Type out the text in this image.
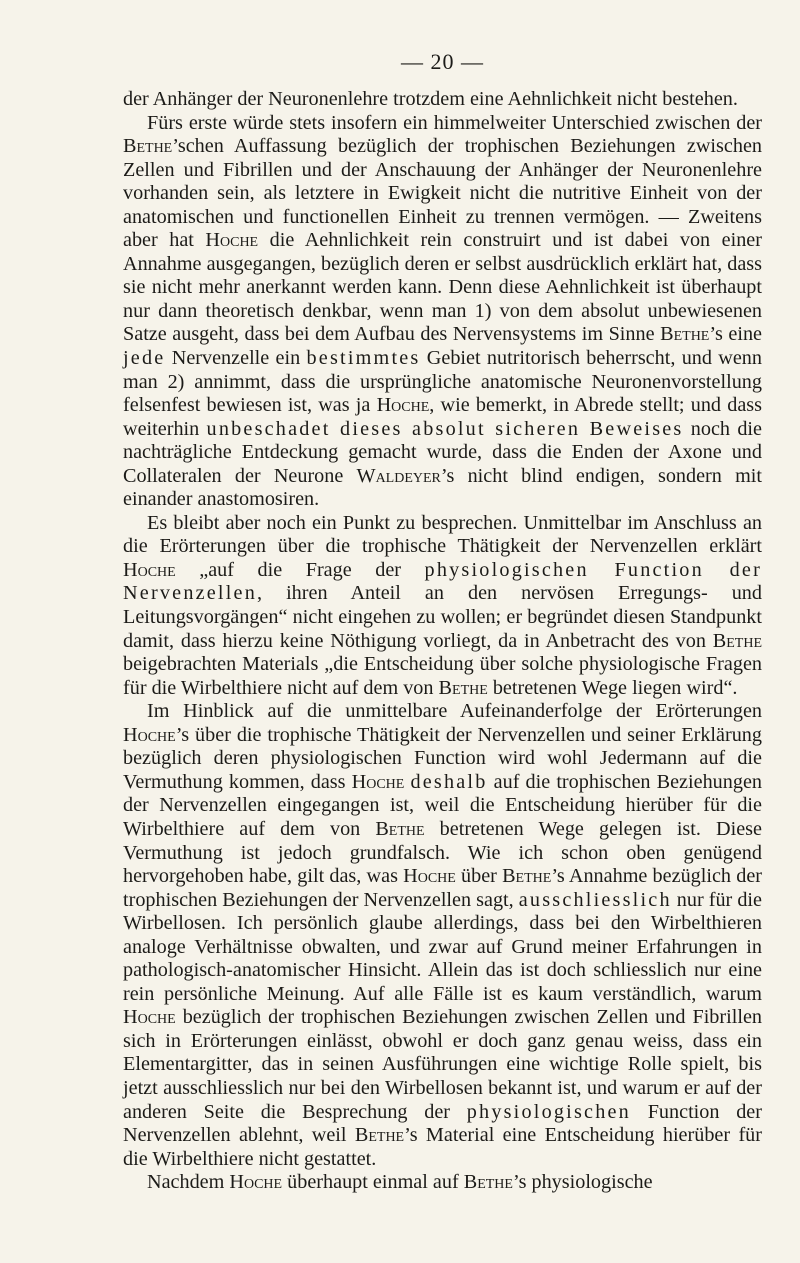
— 20 —

der Anhänger der Neuronenlehre trotzdem eine Aehnlichkeit nicht bestehen.

Fürs erste würde stets insofern ein himmelweiter Unterschied zwischen der Bethe’schen Auffassung bezüglich der trophischen Beziehungen zwischen Zellen und Fibrillen und der Anschauung der Anhänger der Neuronenlehre vorhanden sein, als letztere in Ewigkeit nicht die nutritive Einheit von der anatomischen und functionellen Einheit zu trennen vermögen. — Zweitens aber hat Hoche die Aehnlichkeit rein construirt und ist dabei von einer Annahme ausgegangen, bezüglich deren er selbst ausdrücklich erklärt hat, dass sie nicht mehr anerkannt werden kann. Denn diese Aehnlichkeit ist überhaupt nur dann theoretisch denkbar, wenn man 1) von dem absolut unbewiesenen Satze ausgeht, dass bei dem Aufbau des Nervensystems im Sinne Bethe’s eine jede Nervenzelle ein bestimmtes Gebiet nutritorisch beherrscht, und wenn man 2) annimmt, dass die ursprüngliche anatomische Neuronenvorstellung felsenfest bewiesen ist, was ja Hoche, wie bemerkt, in Abrede stellt; und dass weiterhin unbeschadet dieses absolut sicheren Beweises noch die nachträgliche Entdeckung gemacht wurde, dass die Enden der Axone und Collateralen der Neurone Waldeyer’s nicht blind endigen, sondern mit einander anastomosiren.

Es bleibt aber noch ein Punkt zu besprechen. Unmittelbar im Anschluss an die Erörterungen über die trophische Thätigkeit der Nervenzellen erklärt Hoche „auf die Frage der physiologischen Function der Nervenzellen, ihren Anteil an den nervösen Erregungs- und Leitungsvorgängen“ nicht eingehen zu wollen; er begründet diesen Standpunkt damit, dass hierzu keine Nöthigung vorliegt, da in Anbetracht des von Bethe beigebrachten Materials „die Entscheidung über solche physiologische Fragen für die Wirbelthiere nicht auf dem von Bethe betretenen Wege liegen wird“.

Im Hinblick auf die unmittelbare Aufeinanderfolge der Erörterungen Hoche’s über die trophische Thätigkeit der Nervenzellen und seiner Erklärung bezüglich deren physiologischen Function wird wohl Jedermann auf die Vermuthung kommen, dass Hoche deshalb auf die trophischen Beziehungen der Nervenzellen eingegangen ist, weil die Entscheidung hierüber für die Wirbelthiere auf dem von Bethe betretenen Wege gelegen ist. Diese Vermuthung ist jedoch grundfalsch. Wie ich schon oben genügend hervorgehoben habe, gilt das, was Hoche über Bethe’s Annahme bezüglich der trophischen Beziehungen der Nervenzellen sagt, ausschliesslich nur für die Wirbellosen. Ich persönlich glaube allerdings, dass bei den Wirbelthieren analoge Verhältnisse obwalten, und zwar auf Grund meiner Erfahrungen in pathologisch-anatomischer Hinsicht. Allein das ist doch schliesslich nur eine rein persönliche Meinung. Auf alle Fälle ist es kaum verständlich, warum Hoche bezüglich der trophischen Beziehungen zwischen Zellen und Fibrillen sich in Erörterungen einlässt, obwohl er doch ganz genau weiss, dass ein Elementargitter, das in seinen Ausführungen eine wichtige Rolle spielt, bis jetzt ausschliesslich nur bei den Wirbellosen bekannt ist, und warum er auf der anderen Seite die Besprechung der physiologischen Function der Nervenzellen ablehnt, weil Bethe’s Material eine Entscheidung hierüber für die Wirbelthiere nicht gestattet.

Nachdem Hoche überhaupt einmal auf Bethe’s physiologische
